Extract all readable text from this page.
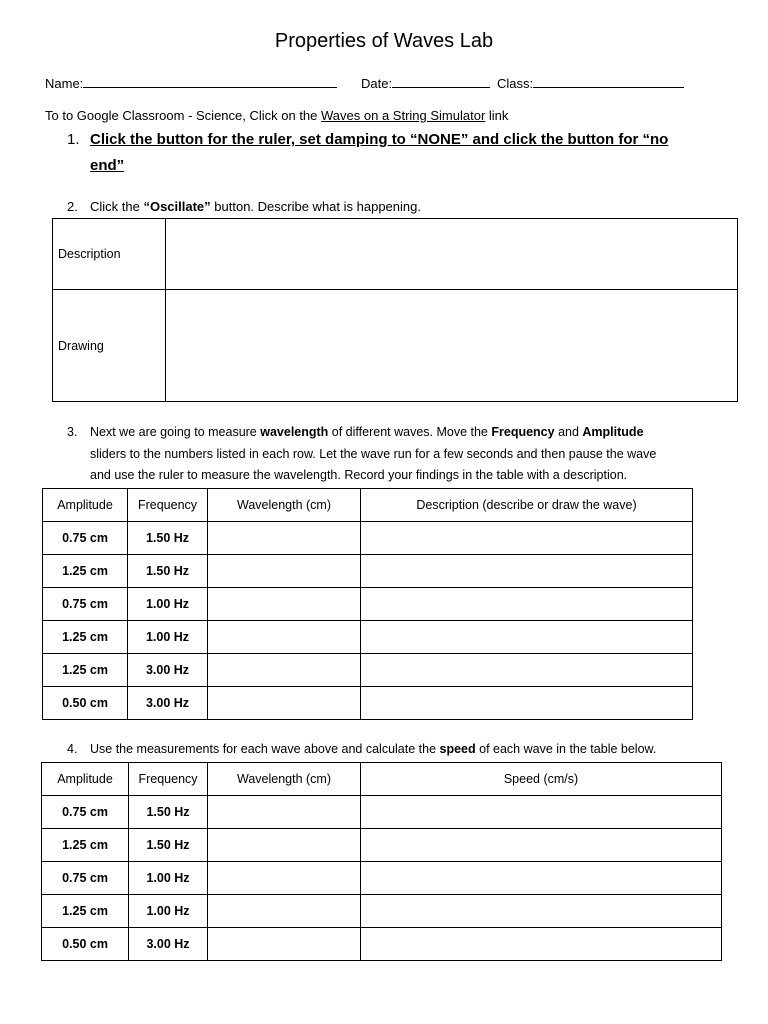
Properties of Waves Lab
Name:	Date:	Class:
To to Google Classroom - Science, Click on the Waves on a String Simulator link
1. Click the button for the ruler, set damping to “NONE” and click the button for “no
end”
2. Click the “Oscillate” button. Describe what is happening.
Description	
Drawing	
3. Next we are going to measure wavelength of different waves. Move the Frequency and Amplitude
sliders to the numbers listed in each row. Let the wave run for a few seconds and then pause the wave
and use the ruler to measure the wavelength. Record your findings in the table with a description.
Amplitude	Frequency	Wavelength (cm)	Description (describe or draw the wave)
0.75 cm	1.50 Hz		
1.25 cm	1.50 Hz		
0.75 cm	1.00 Hz		
1.25 cm	1.00 Hz		
1.25 cm	3.00 Hz		
0.50 cm	3.00 Hz		
4. Use the measurements for each wave above and calculate the speed of each wave in the table below.
Amplitude	Frequency	Wavelength (cm)	Speed (cm/s)
0.75 cm	1.50 Hz		
1.25 cm	1.50 Hz		
0.75 cm	1.00 Hz		
1.25 cm	1.00 Hz		
0.50 cm	3.00 Hz		
